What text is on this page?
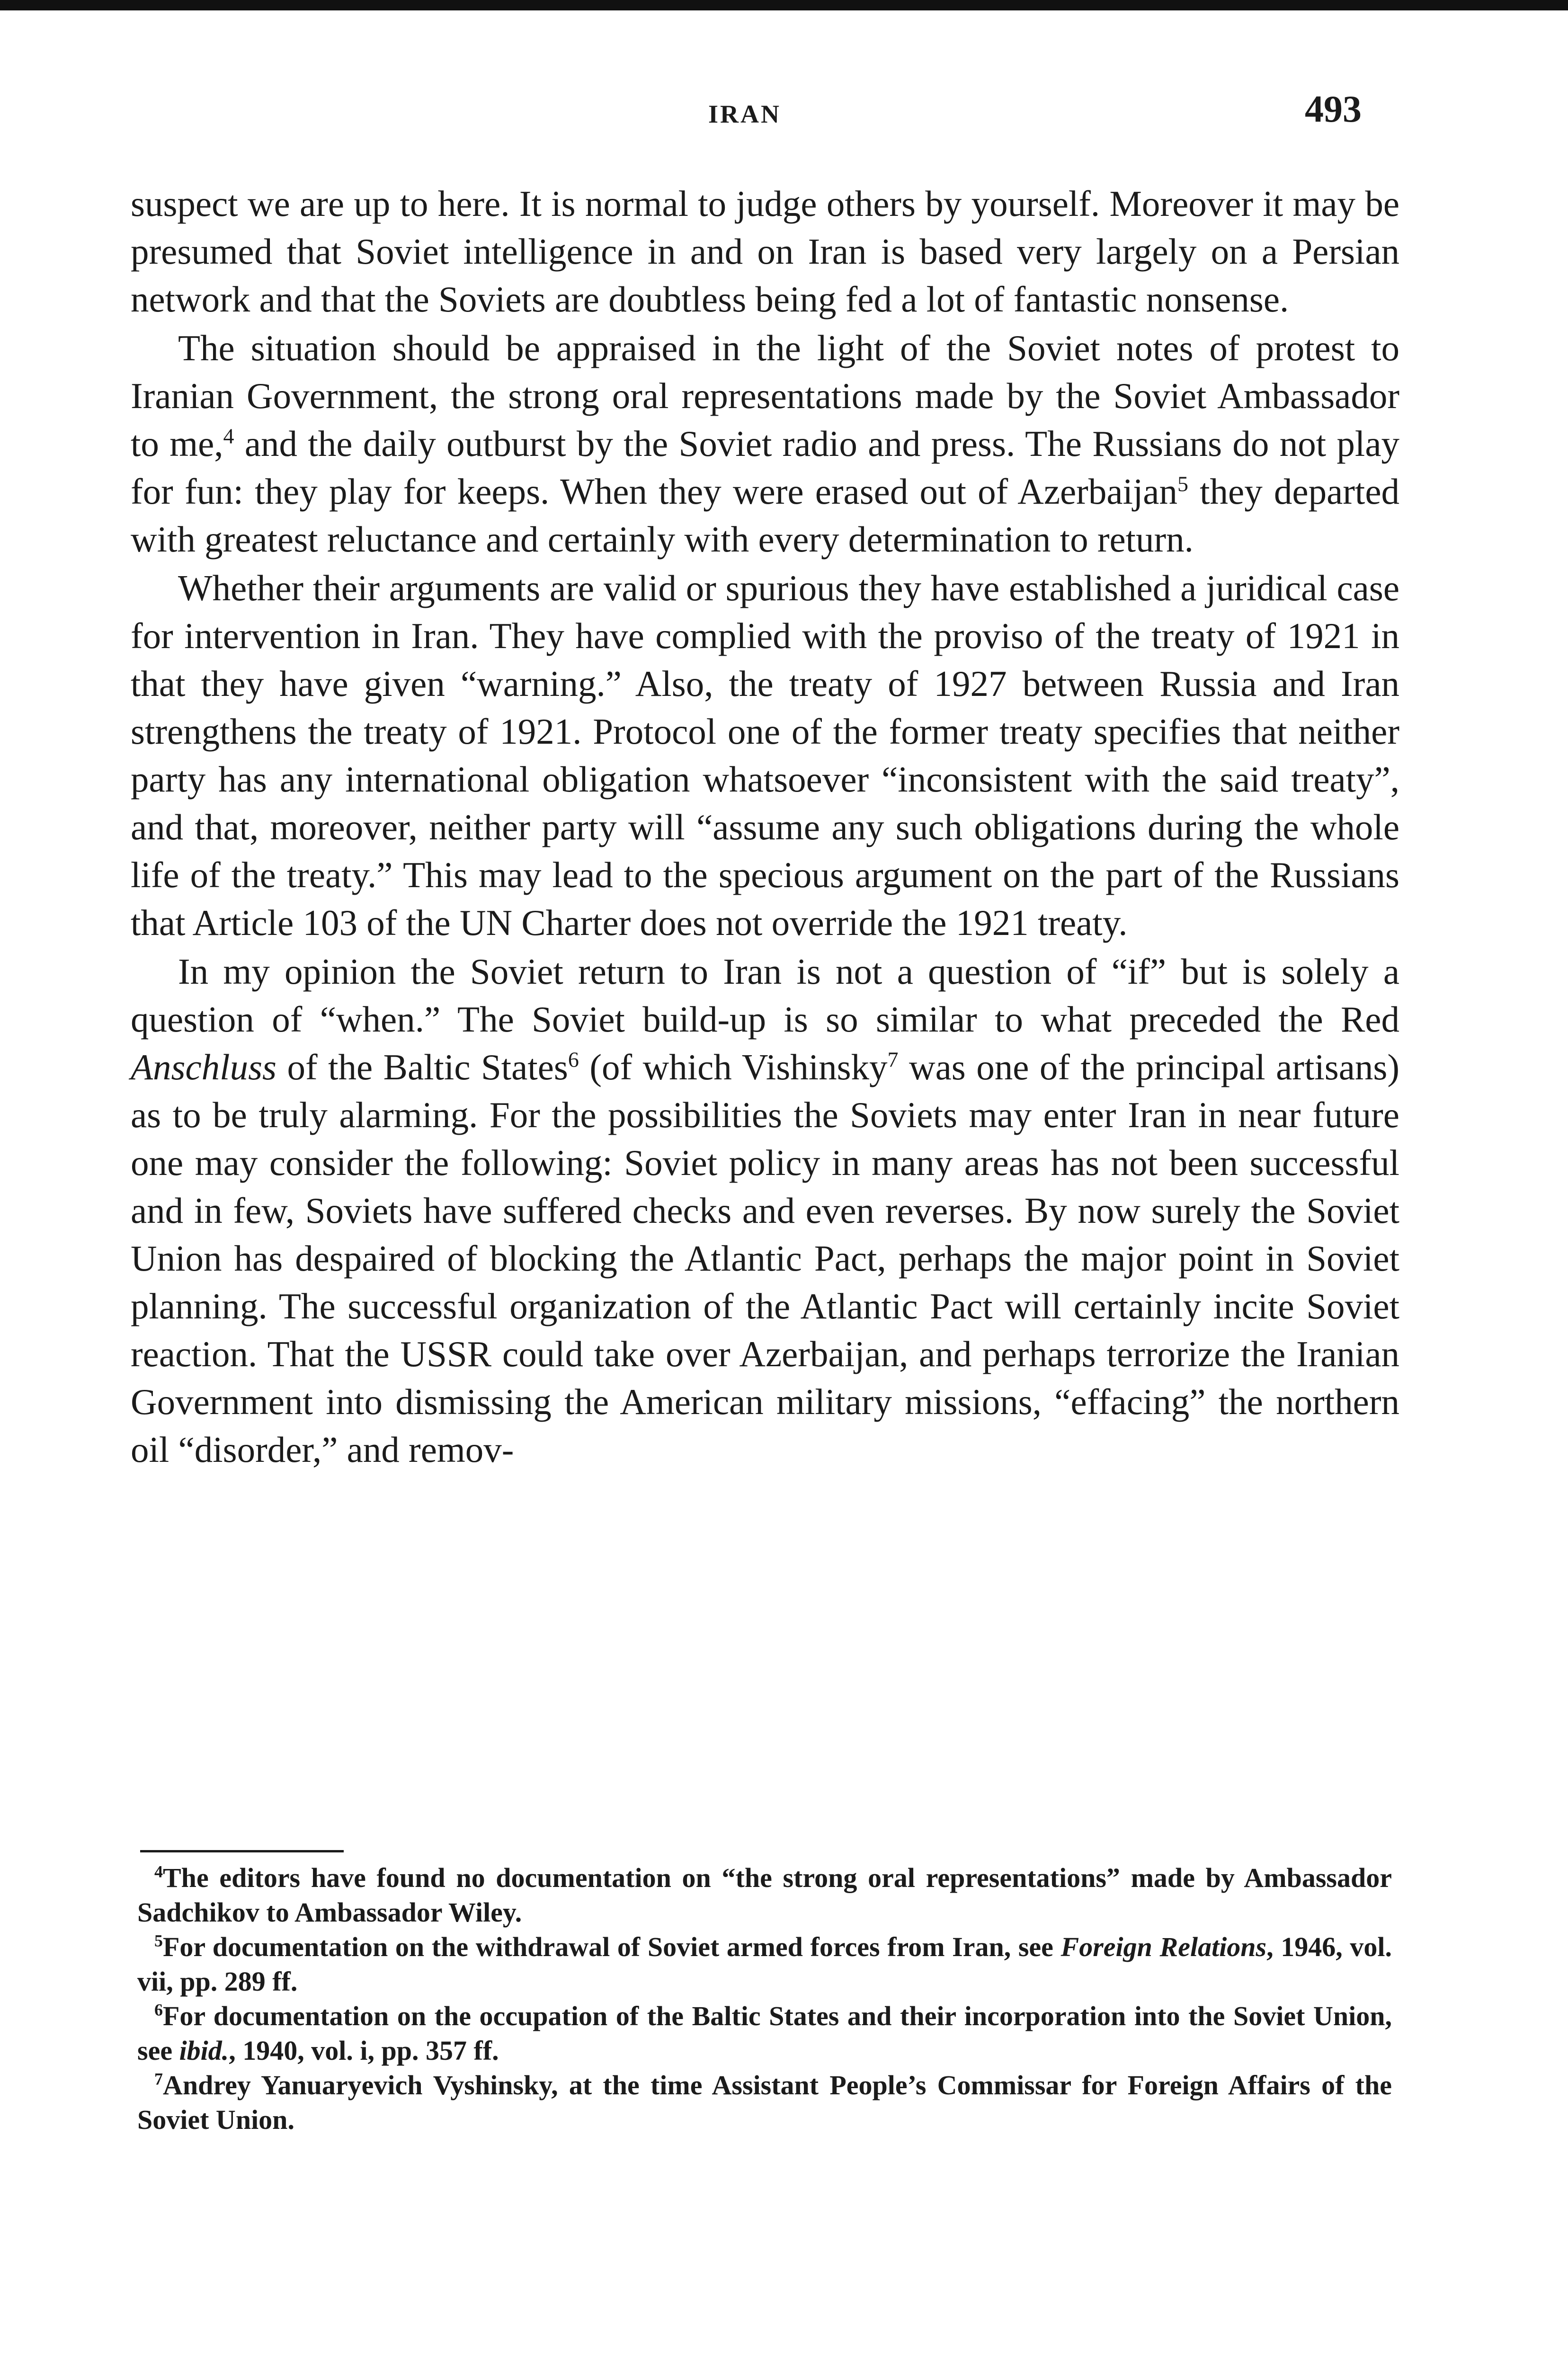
IRAN	493

suspect we are up to here. It is normal to judge others by yourself. Moreover it may be presumed that Soviet intelligence in and on Iran is based very largely on a Persian network and that the Soviets are doubtless being fed a lot of fantastic nonsense.

The situation should be appraised in the light of the Soviet notes of protest to Iranian Government, the strong oral representations made by the Soviet Ambassador to me,$^4$ and the daily outburst by the Soviet radio and press. The Russians do not play for fun: they play for keeps. When they were erased out of Azerbaijan$^5$ they departed with greatest reluctance and certainly with every determination to return.

Whether their arguments are valid or spurious they have established a juridical case for intervention in Iran. They have complied with the proviso of the treaty of 1921 in that they have given “warning.” Also, the treaty of 1927 between Russia and Iran strengthens the treaty of 1921. Protocol one of the former treaty specifies that neither party has any international obligation whatsoever “inconsistent with the said treaty”, and that, moreover, neither party will “assume any such obligations during the whole life of the treaty.” This may lead to the specious argument on the part of the Russians that Article 103 of the UN Charter does not override the 1921 treaty.

In my opinion the Soviet return to Iran is not a question of “if” but is solely a question of “when.” The Soviet build-up is so similar to what preceded the Red Anschluss of the Baltic States$^6$ (of which Vishinsky$^7$ was one of the principal artisans) as to be truly alarming. For the possibilities the Soviets may enter Iran in near future one may consider the following: Soviet policy in many areas has not been successful and in few, Soviets have suffered checks and even reverses. By now surely the Soviet Union has despaired of blocking the Atlantic Pact, perhaps the major point in Soviet planning. The successful organization of the Atlantic Pact will certainly incite Soviet reaction. That the USSR could take over Azerbaijan, and perhaps terrorize the Iranian Government into dismissing the American military missions, “effacing” the northern oil “disorder,” and remov-

$^4$The editors have found no documentation on “the strong oral representations” made by Ambassador Sadchikov to Ambassador Wiley.

$^5$For documentation on the withdrawal of Soviet armed forces from Iran, see Foreign Relations, 1946, vol. vii, pp. 289 ff.

$^6$For documentation on the occupation of the Baltic States and their incorporation into the Soviet Union, see ibid., 1940, vol. i, pp. 357 ff.

$^7$Andrey Yanuaryevich Vyshinsky, at the time Assistant People’s Commissar for Foreign Affairs of the Soviet Union.
